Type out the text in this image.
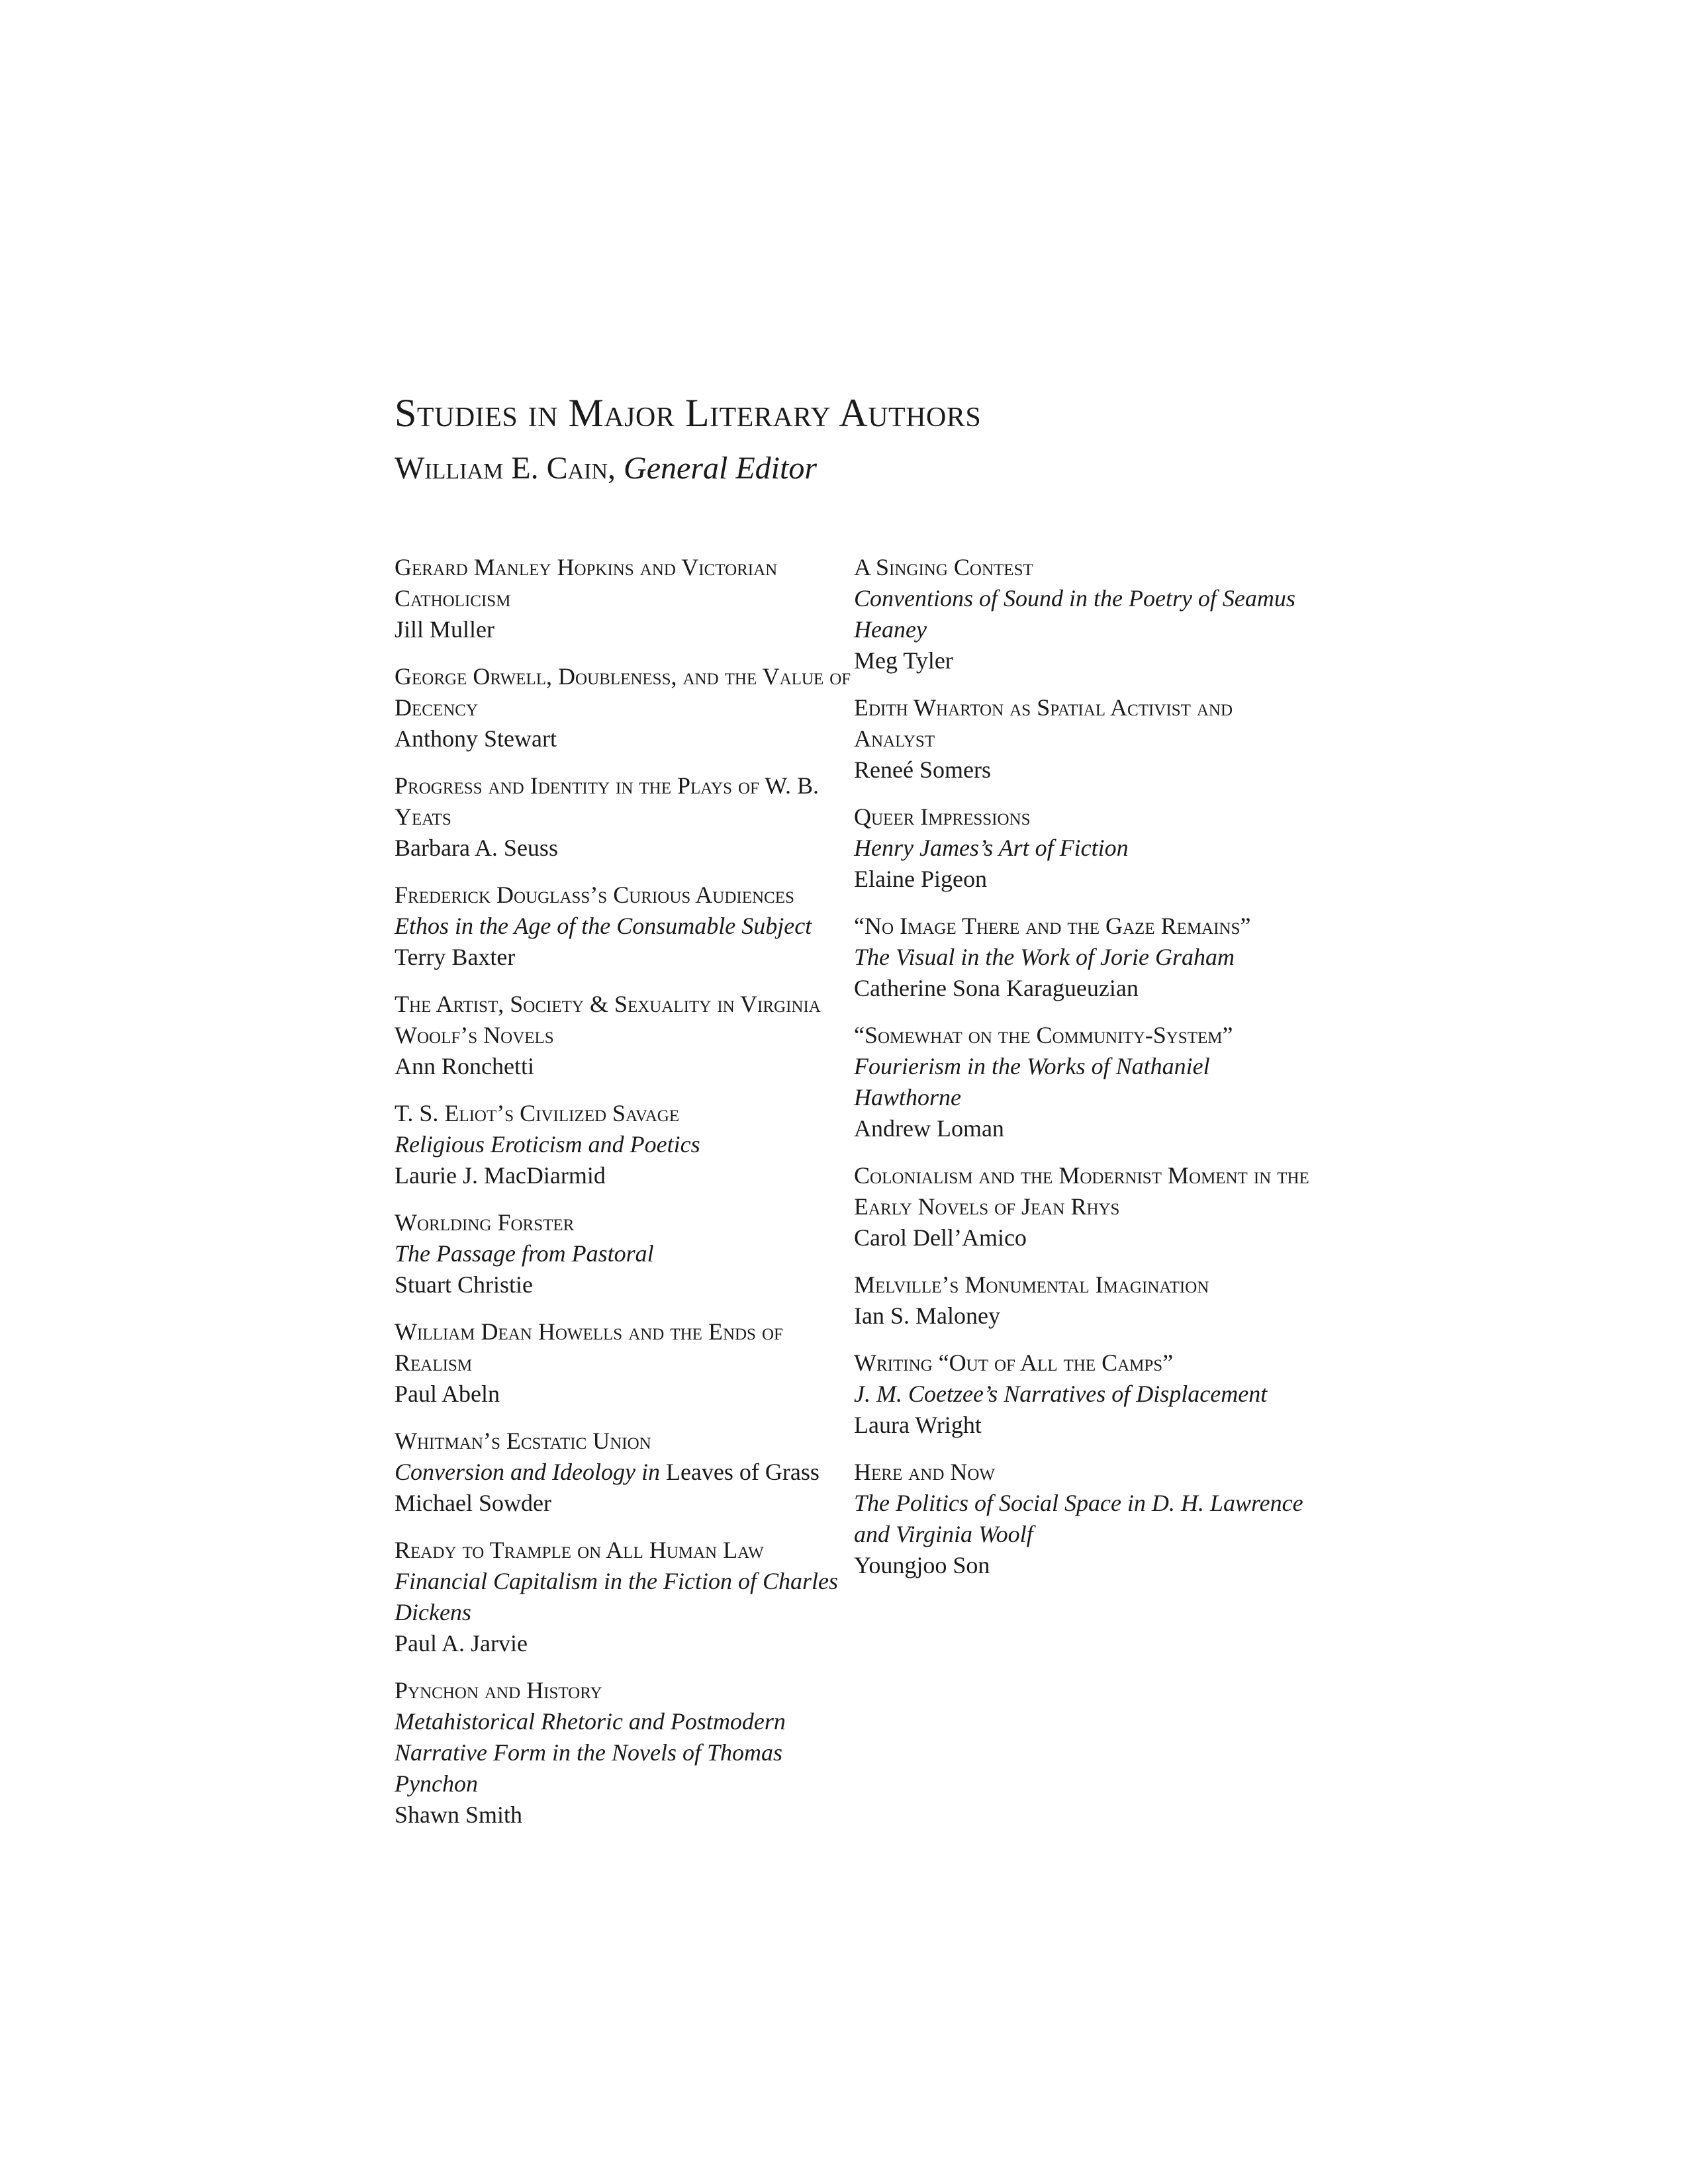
Studies in Major Literary Authors
William E. Cain, General Editor
Gerard Manley Hopkins and Victorian Catholicism
Jill Muller
George Orwell, Doubleness, and the Value of Decency
Anthony Stewart
Progress and Identity in the Plays of W. B. Yeats
Barbara A. Seuss
Frederick Douglass’s Curious Audiences
Ethos in the Age of the Consumable Subject
Terry Baxter
The Artist, Society & Sexuality in Virginia Woolf’s Novels
Ann Ronchetti
T. S. Eliot’s Civilized Savage
Religious Eroticism and Poetics
Laurie J. MacDiarmid
Worlding Forster
The Passage from Pastoral
Stuart Christie
William Dean Howells and the Ends of Realism
Paul Abeln
Whitman’s Ecstatic Union
Conversion and Ideology in Leaves of Grass
Michael Sowder
Ready to Trample on All Human Law
Financial Capitalism in the Fiction of Charles Dickens
Paul A. Jarvie
Pynchon and History
Metahistorical Rhetoric and Postmodern Narrative Form in the Novels of Thomas Pynchon
Shawn Smith
A Singing Contest
Conventions of Sound in the Poetry of Seamus Heaney
Meg Tyler
Edith Wharton as Spatial Activist and Analyst
Reneé Somers
Queer Impressions
Henry James’s Art of Fiction
Elaine Pigeon
“No Image There and the Gaze Remains”
The Visual in the Work of Jorie Graham
Catherine Sona Karagueuzian
“Somewhat on the Community-System”
Fourierism in the Works of Nathaniel Hawthorne
Andrew Loman
Colonialism and the Modernist Moment in the Early Novels of Jean Rhys
Carol Dell’Amico
Melville’s Monumental Imagination
Ian S. Maloney
Writing “Out of All the Camps”
J. M. Coetzee’s Narratives of Displacement
Laura Wright
Here and Now
The Politics of Social Space in D. H. Lawrence and Virginia Woolf
Youngjoo Son
